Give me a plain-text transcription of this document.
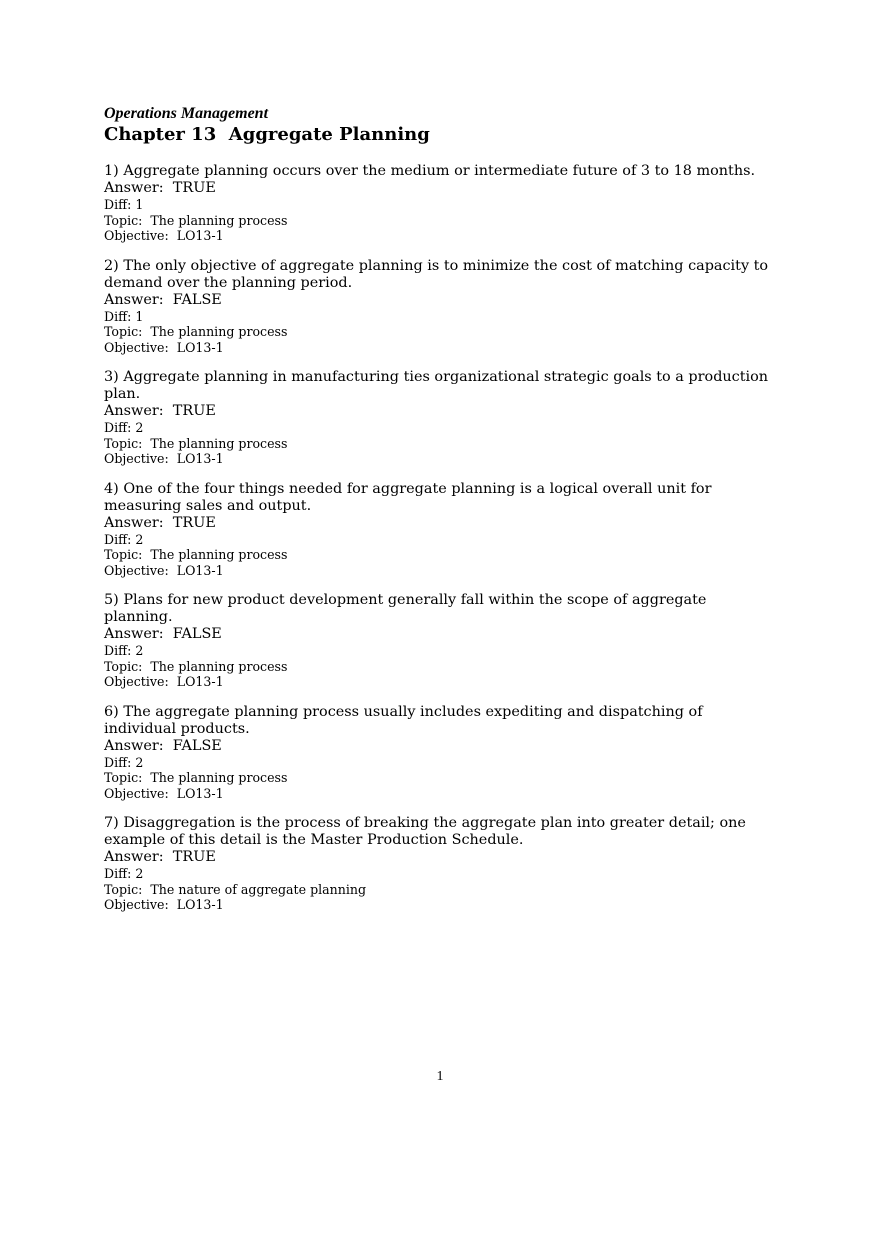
Operations Management

Chapter 13  Aggregate Planning

1) Aggregate planning occurs over the medium or intermediate future of 3 to 18 months.

Answer:  TRUE

Diff: 1

Topic:  The planning process

Objective:  LO13-1

2) The only objective of aggregate planning is to minimize the cost of matching capacity to demand over the planning period.

Answer:  FALSE

Diff: 1

Topic:  The planning process

Objective:  LO13-1

3) Aggregate planning in manufacturing ties organizational strategic goals to a production plan.

Answer:  TRUE

Diff: 2

Topic:  The planning process

Objective:  LO13-1

4) One of the four things needed for aggregate planning is a logical overall unit for measuring sales and output.

Answer:  TRUE

Diff: 2

Topic:  The planning process

Objective:  LO13-1

5) Plans for new product development generally fall within the scope of aggregate planning.

Answer:  FALSE

Diff: 2

Topic:  The planning process

Objective:  LO13-1

6) The aggregate planning process usually includes expediting and dispatching of individual products.

Answer:  FALSE

Diff: 2

Topic:  The planning process

Objective:  LO13-1

7) Disaggregation is the process of breaking the aggregate plan into greater detail; one example of this detail is the Master Production Schedule.

Answer:  TRUE

Diff: 2

Topic:  The nature of aggregate planning

Objective:  LO13-1

1
